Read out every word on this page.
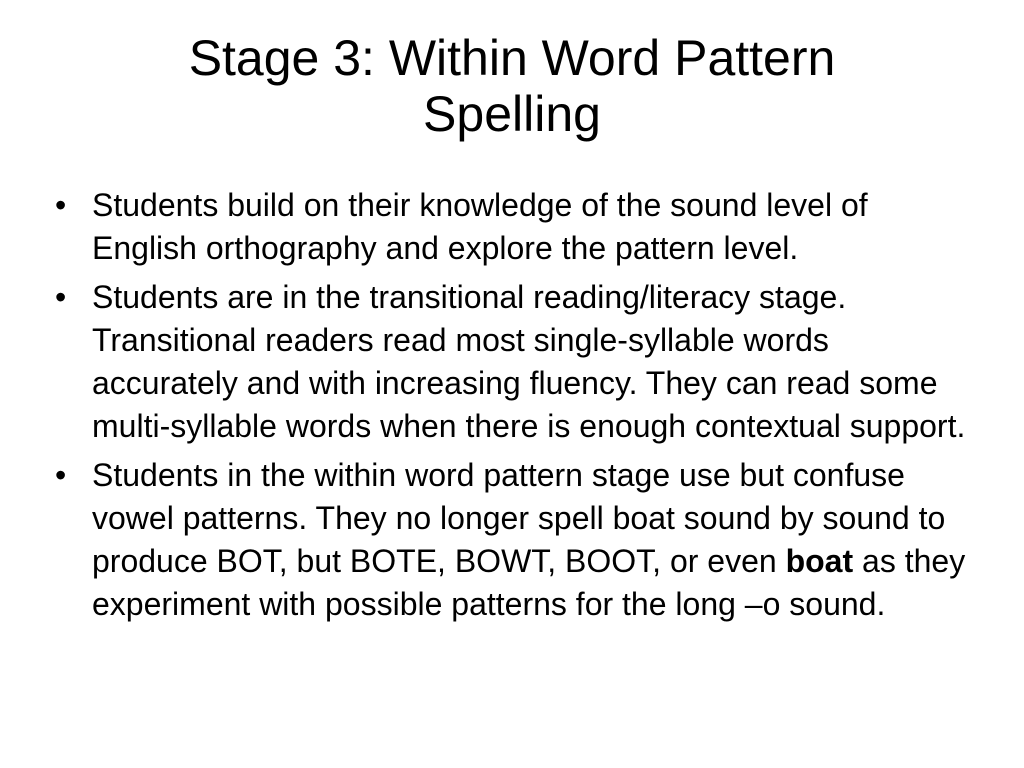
Stage 3: Within Word Pattern
Spelling
• Students build on their knowledge of the sound level of English orthography and explore the pattern level.
• Students are in the transitional reading/literacy stage. Transitional readers read most single-syllable words accurately and with increasing fluency. They can read some multi-syllable words when there is enough contextual support.
• Students in the within word pattern stage use but confuse vowel patterns. They no longer spell boat sound by sound to produce BOT, but BOTE, BOWT, BOOT, or even boat as they experiment with possible patterns for the long –o sound.
